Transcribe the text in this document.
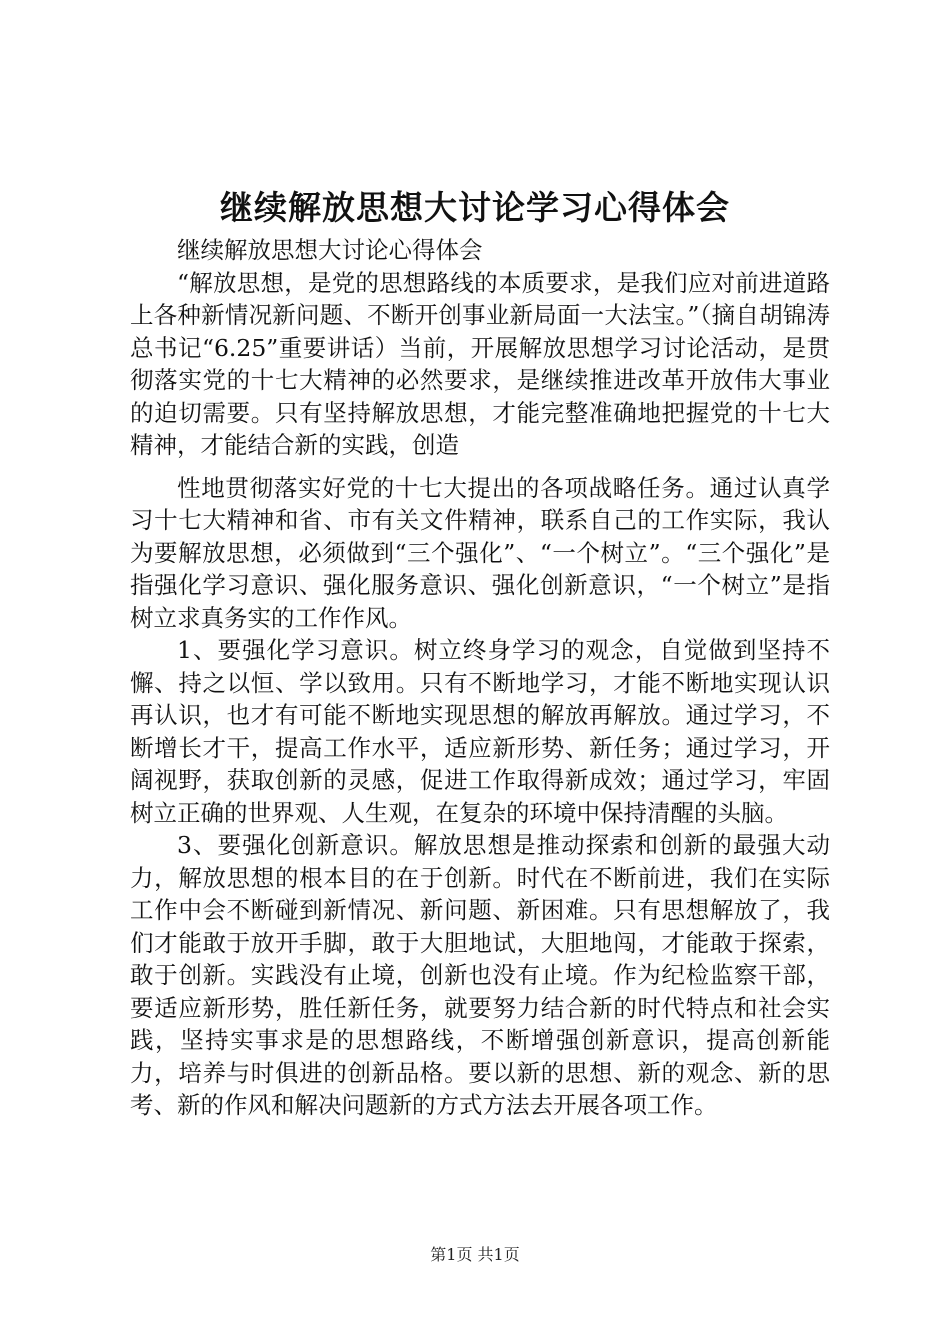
继续解放思想大讨论学习心得体会

继续解放思想大讨论心得体会

“解放思想，是党的思想路线的本质要求，是我们应对前进道路上各种新情况新问题、不断开创事业新局面一大法宝。”（摘自胡锦涛总书记“6.25”重要讲话）当前，开展解放思想学习讨论活动，是贯彻落实党的十七大精神的必然要求，是继续推进改革开放伟大事业的迫切需要。只有坚持解放思想，才能完整准确地把握党的十七大精神，才能结合新的实践，创造

性地贯彻落实好党的十七大提出的各项战略任务。通过认真学习十七大精神和省、市有关文件精神，联系自己的工作实际，我认为要解放思想，必须做到“三个强化”、“一个树立”。“三个强化”是指强化学习意识、强化服务意识、强化创新意识，“一个树立”是指树立求真务实的工作作风。

1、要强化学习意识。树立终身学习的观念，自觉做到坚持不懈、持之以恒、学以致用。只有不断地学习，才能不断地实现认识再认识，也才有可能不断地实现思想的解放再解放。通过学习，不断增长才干，提高工作水平，适应新形势、新任务；通过学习，开阔视野，获取创新的灵感，促进工作取得新成效；通过学习，牢固树立正确的世界观、人生观，在复杂的环境中保持清醒的头脑。

3、要强化创新意识。解放思想是推动探索和创新的最强大动力，解放思想的根本目的在于创新。时代在不断前进，我们在实际工作中会不断碰到新情况、新问题、新困难。只有思想解放了，我们才能敢于放开手脚，敢于大胆地试，大胆地闯，才能敢于探索，敢于创新。实践没有止境，创新也没有止境。作为纪检监察干部，要适应新形势，胜任新任务，就要努力结合新的时代特点和社会实践，坚持实事求是的思想路线，不断增强创新意识，提高创新能力，培养与时俱进的创新品格。要以新的思想、新的观念、新的思考、新的作风和解决问题新的方式方法去开展各项工作。

第1页 共1页
